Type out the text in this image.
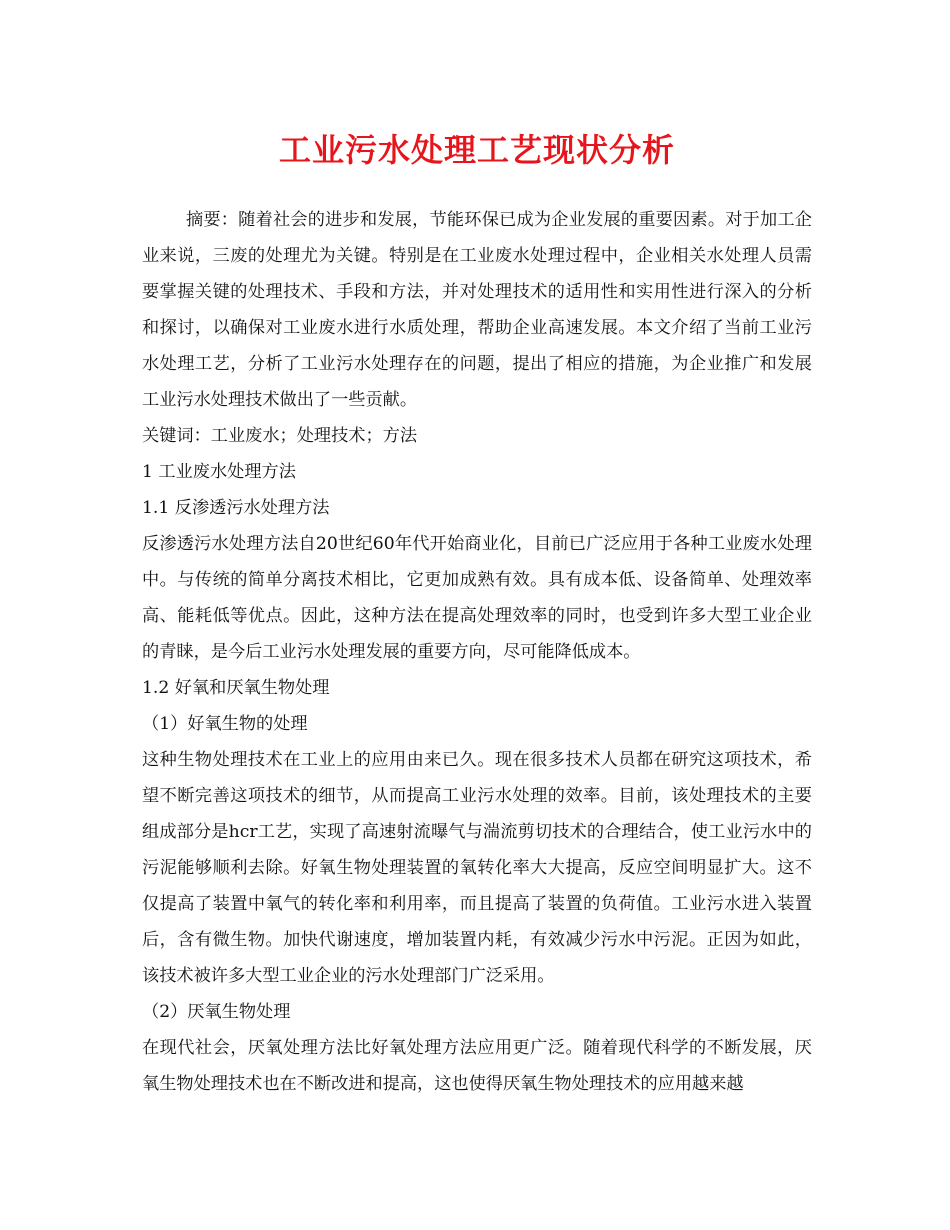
工业污水处理工艺现状分析

摘要：随着社会的进步和发展，节能环保已成为企业发展的重要因素。对于加工企业来说，三废的处理尤为关键。特别是在工业废水处理过程中，企业相关水处理人员需要掌握关键的处理技术、手段和方法，并对处理技术的适用性和实用性进行深入的分析和探讨，以确保对工业废水进行水质处理，帮助企业高速发展。本文介绍了当前工业污水处理工艺，分析了工业污水处理存在的问题，提出了相应的措施，为企业推广和发展工业污水处理技术做出了一些贡献。

关键词：工业废水；处理技术；方法

1 工业废水处理方法

1.1 反渗透污水处理方法

反渗透污水处理方法自20世纪60年代开始商业化，目前已广泛应用于各种工业废水处理中。与传统的简单分离技术相比，它更加成熟有效。具有成本低、设备简单、处理效率高、能耗低等优点。因此，这种方法在提高处理效率的同时，也受到许多大型工业企业的青睐，是今后工业污水处理发展的重要方向，尽可能降低成本。

1.2 好氧和厌氧生物处理

（1）好氧生物的处理

这种生物处理技术在工业上的应用由来已久。现在很多技术人员都在研究这项技术，希望不断完善这项技术的细节，从而提高工业污水处理的效率。目前，该处理技术的主要组成部分是hcr工艺，实现了高速射流曝气与湍流剪切技术的合理结合，使工业污水中的污泥能够顺利去除。好氧生物处理装置的氧转化率大大提高，反应空间明显扩大。这不仅提高了装置中氧气的转化率和利用率，而且提高了装置的负荷值。工业污水进入装置后，含有微生物。加快代谢速度，增加装置内耗，有效减少污水中污泥。正因为如此，该技术被许多大型工业企业的污水处理部门广泛采用。

（2）厌氧生物处理

在现代社会，厌氧处理方法比好氧处理方法应用更广泛。随着现代科学的不断发展，厌氧生物处理技术也在不断改进和提高，这也使得厌氧生物处理技术的应用越来越
